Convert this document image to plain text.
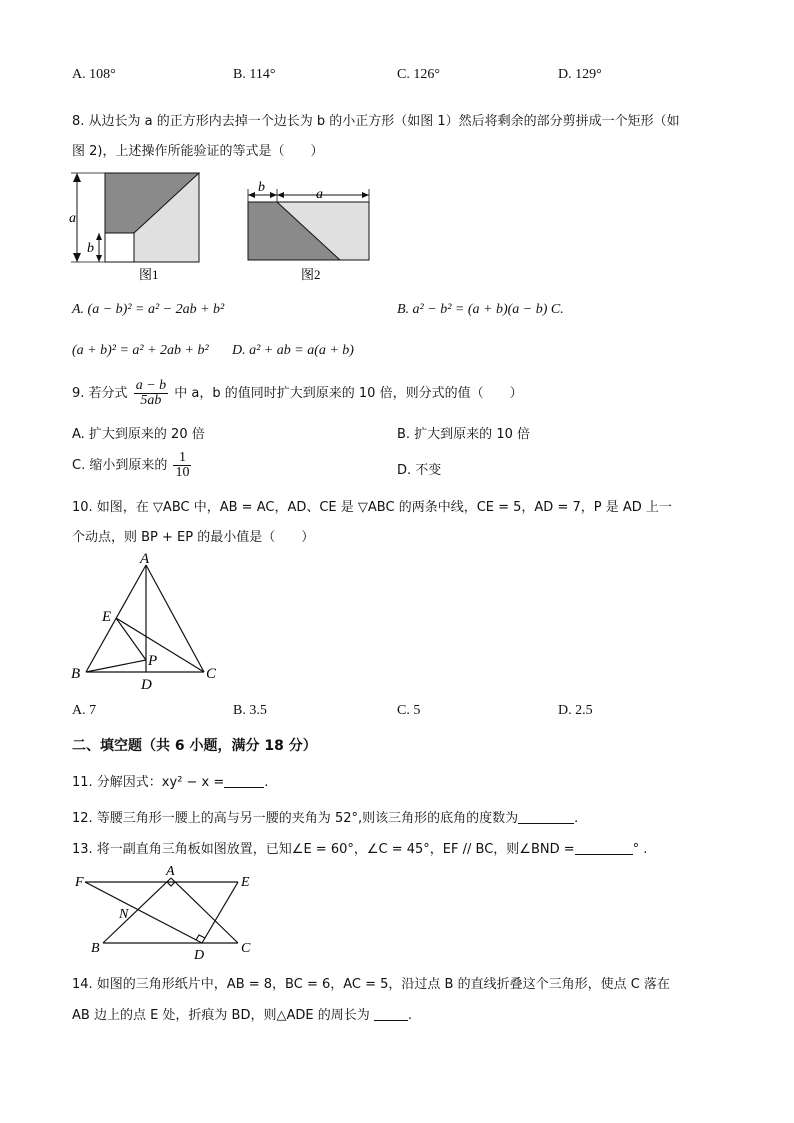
A. 108°	B. 114°	C. 126°	D. 129°
8. 从边长为 a 的正方形内去掉一个边长为 b 的小正方形（如图 1）然后将剩余的部分剪拼成一个矩形（如
图 2)，上述操作所能验证的等式是（　　）
a
b
图1
b	a
图2
A. (a − b)² = a² − 2ab + b²	B. a² − b² = (a + b)(a − b) C.
(a + b)² = a² + 2ab + b² D. a² + ab = a(a + b)
9. 若分式 $\frac{a - b}{5ab}$ 中 a，b 的值同时扩大到原来的 10 倍，则分式的值（　　）
A. 扩大到原来的 20 倍	B. 扩大到原来的 10 倍
C. 缩小到原来的 $\frac{1}{10}$	D. 不变
10. 如图，在 ▽ABC 中，AB = AC，AD、CE 是 ▽ABC 的两条中线，CE = 5，AD = 7，P 是 AD 上一
个动点，则 BP + EP 的最小值是（　　）
A
E
P
B	C
D
A. 7	B. 3.5	C. 5	D. 2.5
二、填空题（共 6 小题，满分 18 分）
11. 分解因式：xy² − x =	.
12. 等腰三角形一腰上的高与另一腰的夹角为 52°,则该三角形的底角的度数为	.
13. 将一副直角三角板如图放置，已知∠E = 60°，∠C = 45°，EF // BC，则∠BND =	° .
F
A
E
N
B	D	C
14. 如图的三角形纸片中，AB = 8，BC = 6，AC = 5，沿过点 B 的直线折叠这个三角形，使点 C 落在
AB 边上的点 E 处，折痕为 BD，则△ADE 的周长为	.
